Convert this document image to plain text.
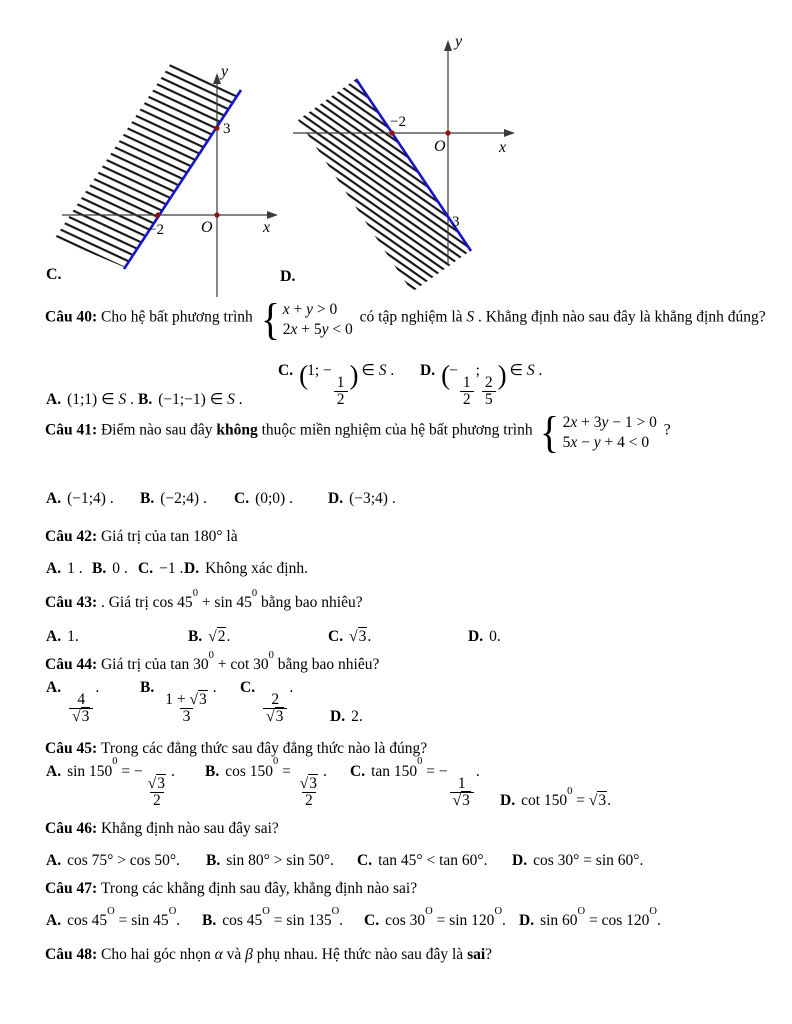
C.
y
x
O
−2
3
D.
y
x
O
−2
3
Câu 40: Cho hệ bất phương trình { x + y > 0
2x + 5y < 0
có tập nghiệm là S . Khẳng định nào sau đây là khẳng định đúng?
A. (1;1) ∈ S . B. (−1;−1) ∈ S .
C. (1; −
$\frac{1}{2}$ ) ∈ S . D. (−
$\frac{1}{2}$
;
$\frac{2}{5}$ ) ∈ S .
Câu 41: Điểm nào sau đây không thuộc miền nghiệm của hệ bất phương trình { 2x + 3y − 1 > 0
5x − y + 4 < 0
?
A. (−1;4) . B. (−2;4) . C. (0;0) . D. (−3;4) .
Câu 42: Giá trị của tan 180° là
A. 1 . B. 0 . C. −1 . D. Không xác định.
Câu 43: . Giá trị $\cos 45^0 + \sin 45^0$ bằng bao nhiêu?
A. 1.	B. √2.	C. √3.	D. 0.
Câu 44: Giá trị của $\tan 30^0 + \cot 30^0$ bằng bao nhiêu?
A.
$\frac{4}{√3}$
.	B.
$\frac{1 + √3}{3}$
. C.
$\frac{2}{√3}$
.
D. 2.
Câu 45: Trong các đẳng thức sau đây đẳng thức nào là đúng?
A. $\sin 150^0$ = −
$\frac{√3}{2}$
. B. $\cos 150^0$ =
$\frac{√3}{2}$
. C. $\tan 150^0$ = −
$\frac{1}{√3}$
.
D. $\cot 150^0 = √3$.
Câu 46: Khẳng định nào sau đây sai?
A. cos 75° > cos 50°. B. sin 80° > sin 50°. C. tan 45° < tan 60°. D. cos 30° = sin 60°.
Câu 47: Trong các khẳng định sau đây, khẳng định nào sai?
A. $\cos 45^O = \sin 45^O$. B. $\cos 45^O = \sin 135^O$. C. $\cos 30^O = \sin 120^O$. D. $\sin 60^O = \cos 120^O$.
Câu 48: Cho hai góc nhọn α và β phụ nhau. Hệ thức nào sau đây là sai?
